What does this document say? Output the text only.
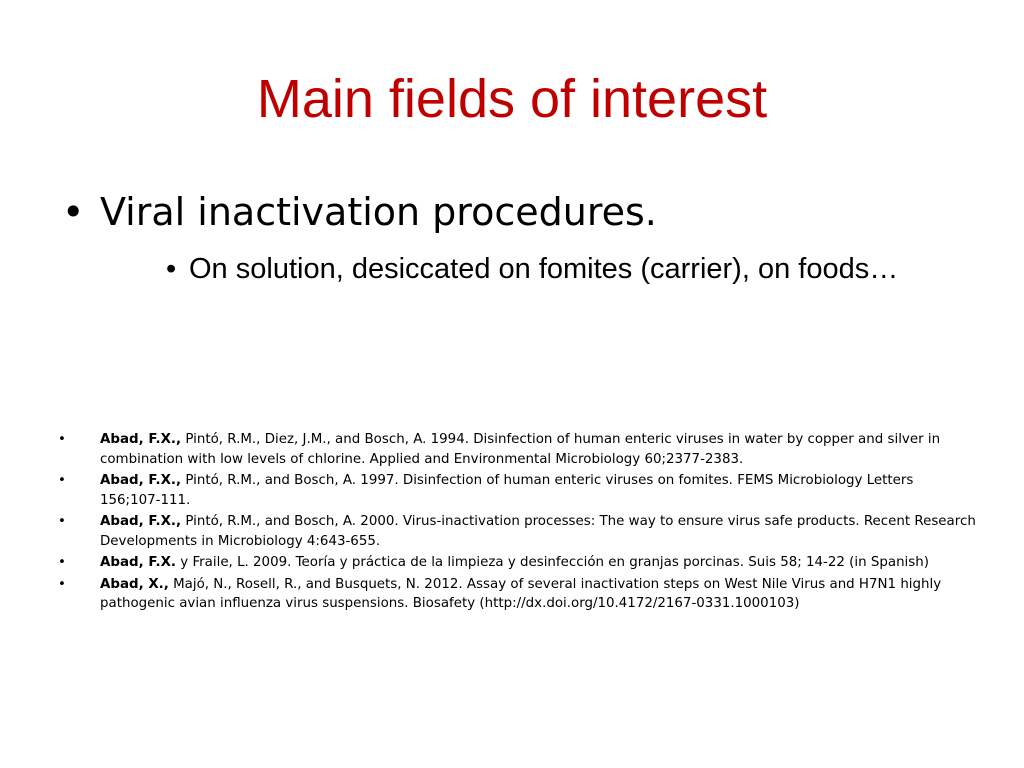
Main fields of interest
• Viral inactivation procedures.
• On solution, desiccated on fomites (carrier), on foods…
•	Abad, F.X., Pintó, R.M., Diez, J.M., and Bosch, A. 1994. Disinfection of human enteric viruses in water by copper and silver in combination with low levels of chlorine. Applied and Environmental Microbiology 60;2377-2383.
•	Abad, F.X., Pintó, R.M., and Bosch, A. 1997. Disinfection of human enteric viruses on fomites. FEMS Microbiology Letters 156;107-111.
•	Abad, F.X., Pintó, R.M., and Bosch, A. 2000. Virus-inactivation processes: The way to ensure virus safe products. Recent Research Developments in Microbiology 4:643-655.
•	Abad, F.X. y Fraile, L. 2009. Teoría y práctica de la limpieza y desinfección en granjas porcinas. Suis 58; 14-22 (in Spanish)
•	Abad, X., Majó, N., Rosell, R., and Busquets, N. 2012. Assay of several inactivation steps on West Nile Virus and H7N1 highly pathogenic avian influenza virus suspensions. Biosafety (http://dx.doi.org/10.4172/2167-0331.1000103)
